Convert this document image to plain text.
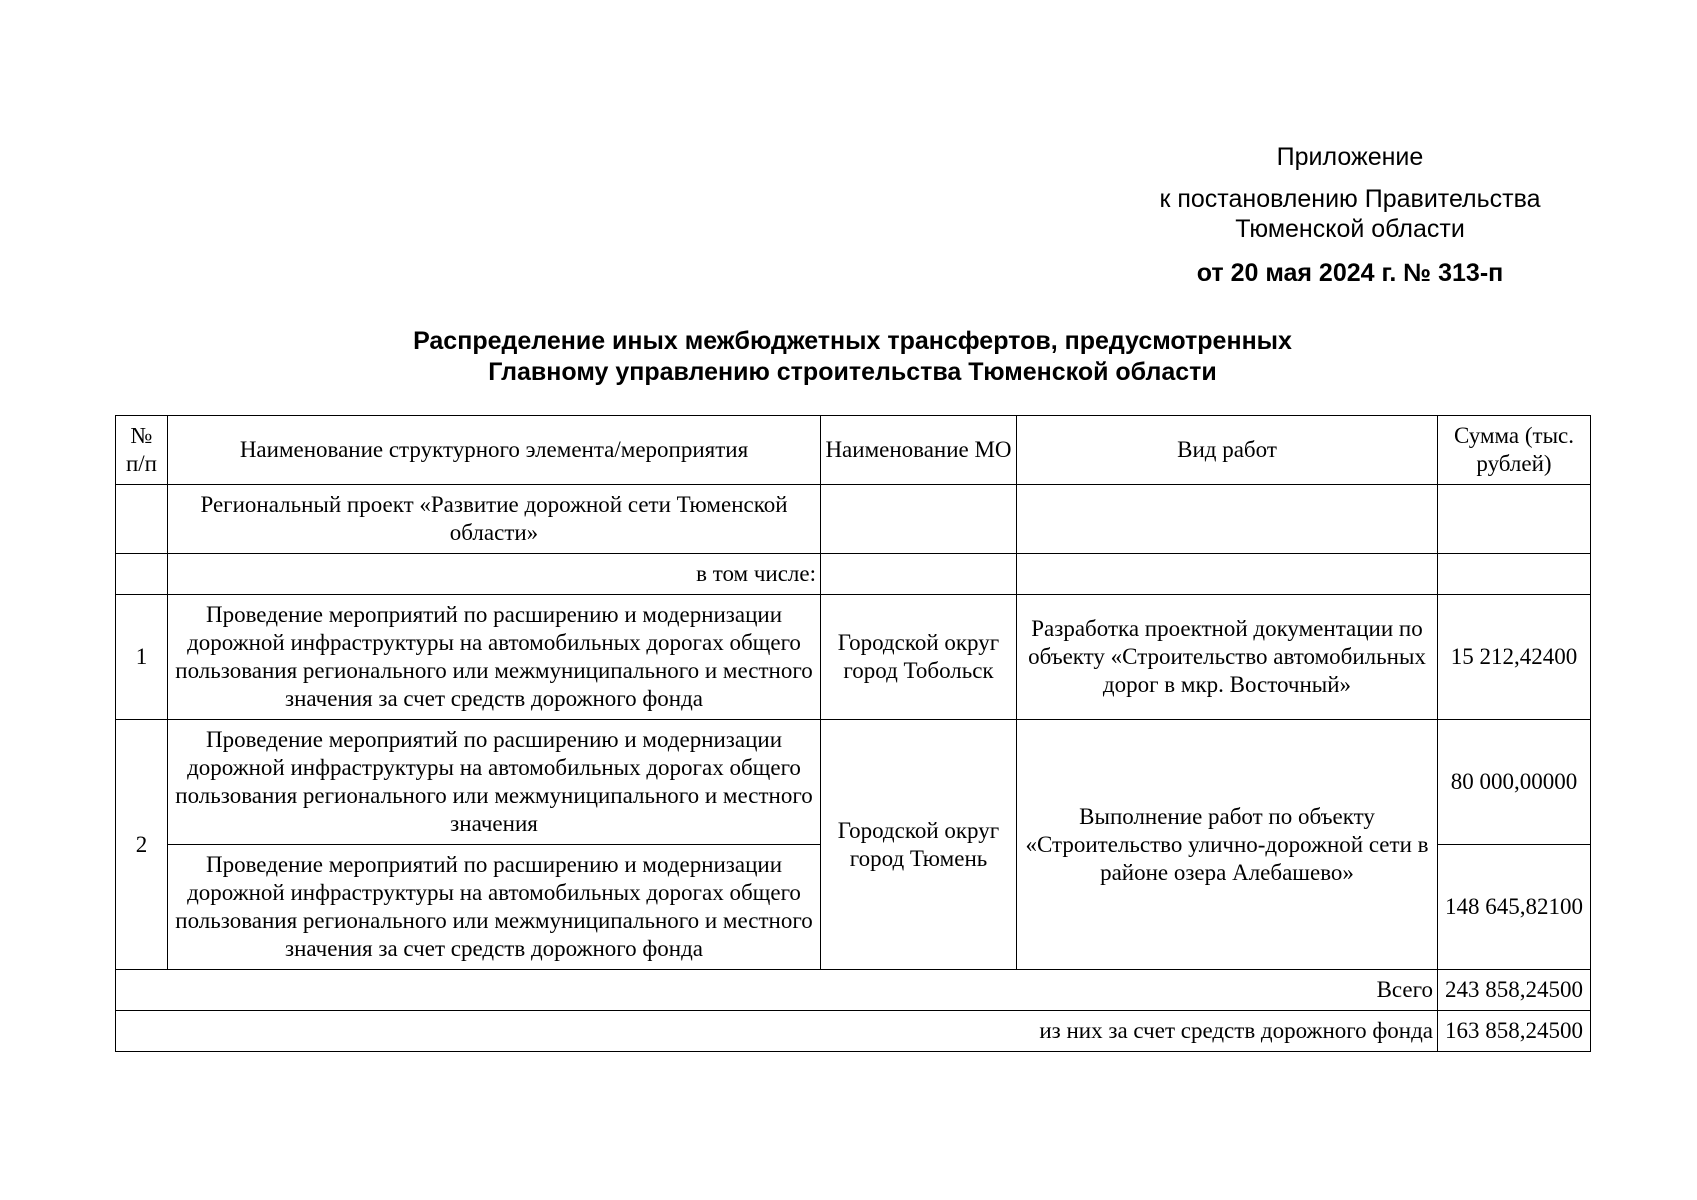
Приложение
к постановлению Правительства Тюменской области
от 20 мая 2024 г. № 313-п
Распределение иных межбюджетных трансфертов, предусмотренных
Главному управлению строительства Тюменской области
№ п/п	Наименование структурного элемента/мероприятия	Наименование МО	Вид работ	Сумма (тыс. рублей)
	Региональный проект «Развитие дорожной сети Тюменской области»			
	в том числе:			
1	Проведение мероприятий по расширению и модернизации дорожной инфраструктуры на автомобильных дорогах общего пользования регионального или межмуниципального и местного значения за счет средств дорожного фонда	Городской округ город Тобольск	Разработка проектной документации по объекту «Строительство автомобильных дорог в мкр. Восточный»	15 212,42400
2	Проведение мероприятий по расширению и модернизации дорожной инфраструктуры на автомобильных дорогах общего пользования регионального или межмуниципального и местного значения	Городской округ город Тюмень	Выполнение работ по объекту «Строительство улично-дорожной сети в районе озера Алебашево»	80 000,00000
	Проведение мероприятий по расширению и модернизации дорожной инфраструктуры на автомобильных дорогах общего пользования регионального или межмуниципального и местного значения за счет средств дорожного фонда			148 645,82100
Всего				243 858,24500
из них за счет средств дорожного фонда				163 858,24500
